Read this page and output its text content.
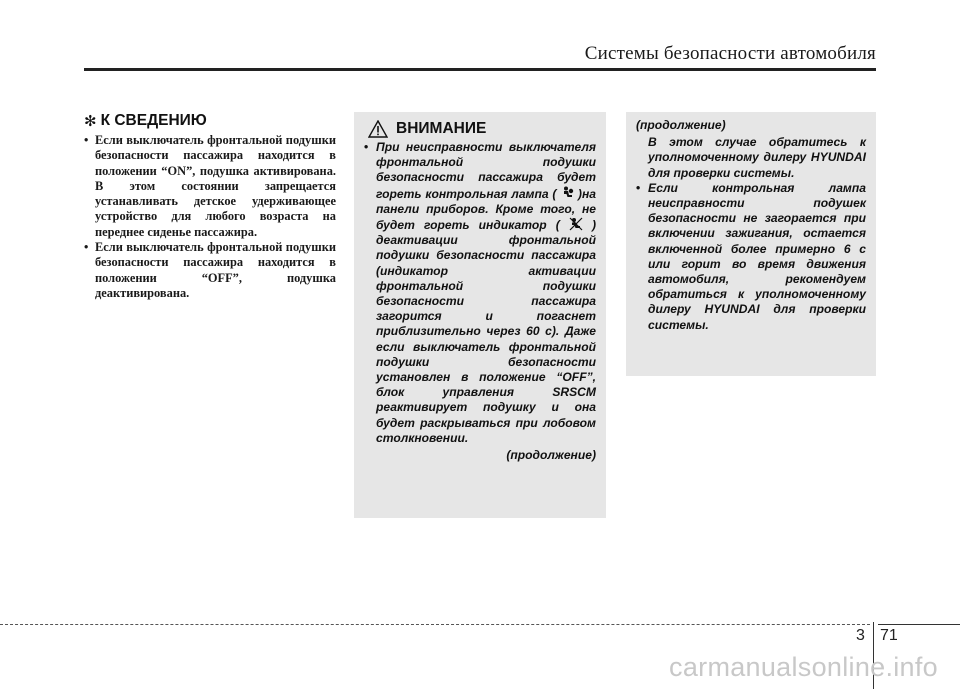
Системы безопасности автомобиля
✻ К СВЕДЕНИЮ
• Если выключатель фронтальной подушки безопасности пассажира находится в положении “ON”, подушка активирована. В этом состоянии запрещается устанавливать детское удерживающее устройство для любого возраста на переднее сиденье пассажира.
• Если выключатель фронтальной подушки безопасности пассажира находится в положении “OFF”, подушка деактивирована.
ВНИМАНИЕ
• При неисправности выключателя фронтальной подушки безопасности пассажира будет гореть контрольная лампа ( )на панели приборов. Кроме того, не будет гореть индикатор (	) деактивации фронтальной подушки безопасности пассажира (индикатор активации фронтальной подушки безопасности пассажира загорится и погаснет приблизительно через 60 с). Даже если выключатель фронтальной подушки безопасности установлен в положение “OFF”, блок управления SRSCM реактивирует подушку и она будет раскрываться при лобовом столкновении.
(продолжение)
(продолжение)
В этом случае обратитесь к уполномоченному дилеру HYUNDAI для проверки системы.
• Если контрольная лампа неисправности подушек безопасности не загорается при включении зажигания, остается включенной более примерно 6 с или горит во время движения автомобиля, рекомендуем обратиться к уполномоченному дилеру HYUNDAI для проверки системы.
3 71
carmanualsonline.info
